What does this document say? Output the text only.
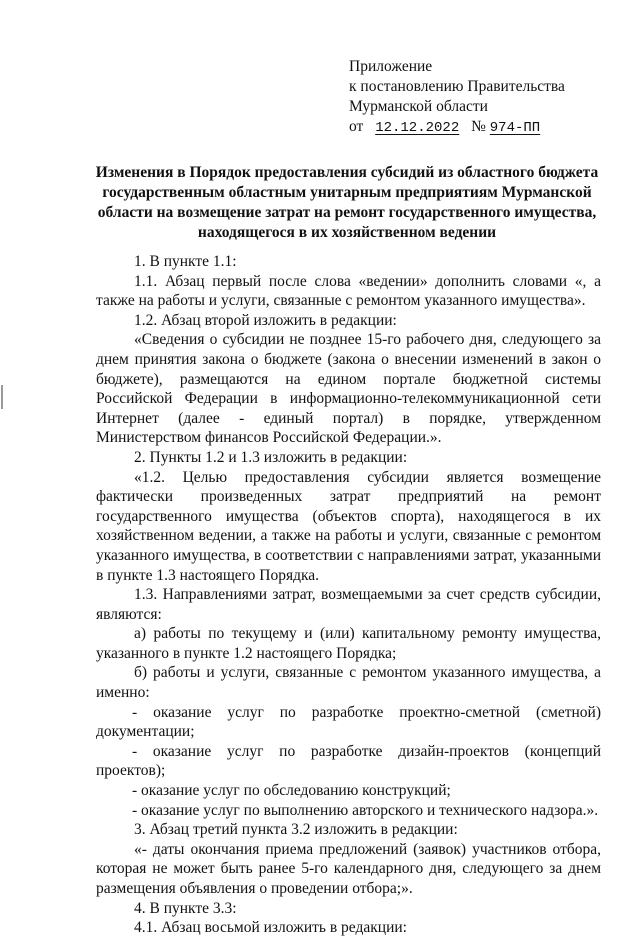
Приложение
к постановлению Правительства
Мурманской области
от 12.12.2022 № 974-ПП
Изменения в Порядок предоставления субсидий из областного бюджета государственным областным унитарным предприятиям Мурманской области на возмещение затрат на ремонт государственного имущества, находящегося в их хозяйственном ведении

1. В пункте 1.1:

1.1. Абзац первый после слова «ведении» дополнить словами «, а также на работы и услуги, связанные с ремонтом указанного имущества».

1.2. Абзац второй изложить в редакции:

«Сведения о субсидии не позднее 15-го рабочего дня, следующего за днем принятия закона о бюджете (закона о внесении изменений в закон о бюджете), размещаются на едином портале бюджетной системы Российской Федерации в информационно-телекоммуникационной сети Интернет (далее - единый портал) в порядке, утвержденном Министерством финансов Российской Федерации.».

2. Пункты 1.2 и 1.3 изложить в редакции:

«1.2. Целью предоставления субсидии является возмещение фактически произведенных затрат предприятий на ремонт государственного имущества (объектов спорта), находящегося в их хозяйственном ведении, а также на работы и услуги, связанные с ремонтом указанного имущества, в соответствии с направлениями затрат, указанными в пункте 1.3 настоящего Порядка.

1.3. Направлениями затрат, возмещаемыми за счет средств субсидии, являются:

а) работы по текущему и (или) капитальному ремонту имущества, указанного в пункте 1.2 настоящего Порядка;

б) работы и услуги, связанные с ремонтом указанного имущества, а именно:

- оказание услуг по разработке проектно-сметной (сметной) документации;

- оказание услуг по разработке дизайн-проектов (концепций проектов);

- оказание услуг по обследованию конструкций;

- оказание услуг по выполнению авторского и технического надзора.».

3. Абзац третий пункта 3.2 изложить в редакции:

«- даты окончания приема предложений (заявок) участников отбора, которая не может быть ранее 5-го календарного дня, следующего за днем размещения объявления о проведении отбора;».

4. В пункте 3.3:

4.1. Абзац восьмой изложить в редакции:
